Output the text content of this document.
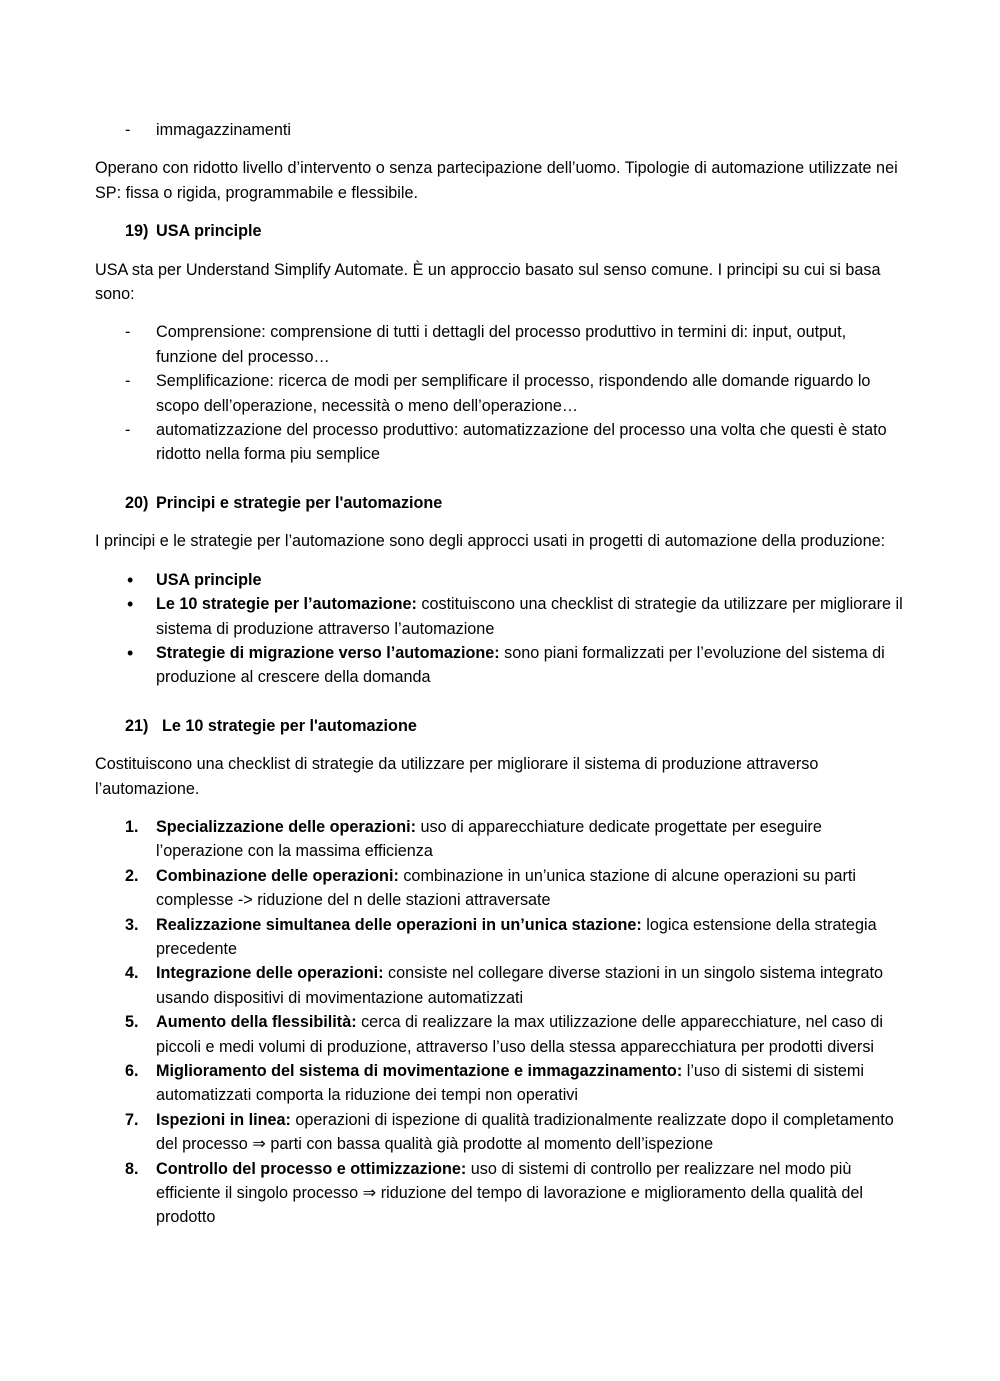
- immagazzinamenti

Operano con ridotto livello d’intervento o senza partecipazione dell’uomo. Tipologie di automazione utilizzate nei SP: fissa o rigida, programmabile e flessibile.

19) USA principle

USA sta per Understand Simplify Automate. È un approccio basato sul senso comune. I principi su cui si basa sono:

- Comprensione: comprensione di tutti i dettagli del processo produttivo in termini di: input, output, funzione del processo…
- Semplificazione: ricerca de modi per semplificare il processo, rispondendo alle domande riguardo lo scopo dell’operazione, necessità o meno dell’operazione…
- automatizzazione del processo produttivo: automatizzazione del processo una volta che questi è stato ridotto nella forma piu semplice

20) Principi e strategie per l'automazione

I principi e le strategie per l’automazione sono degli approcci usati in progetti di automazione della produzione:

• USA principle
• Le 10 strategie per l’automazione: costituiscono una checklist di strategie da utilizzare per migliorare il sistema di produzione attraverso l’automazione
• Strategie di migrazione verso l’automazione: sono piani formalizzati per l’evoluzione del sistema di produzione al crescere della domanda

21) Le 10 strategie per l'automazione

Costituiscono una checklist di strategie da utilizzare per migliorare il sistema di produzione attraverso l’automazione.

1. Specializzazione delle operazioni: uso di apparecchiature dedicate progettate per eseguire l’operazione con la massima efficienza
2. Combinazione delle operazioni: combinazione in un’unica stazione di alcune operazioni su parti complesse -> riduzione del n delle stazioni attraversate
3. Realizzazione simultanea delle operazioni in un’unica stazione: logica estensione della strategia precedente
4. Integrazione delle operazioni: consiste nel collegare diverse stazioni in un singolo sistema integrato usando dispositivi di movimentazione automatizzati
5. Aumento della flessibilità: cerca di realizzare la max utilizzazione delle apparecchiature, nel caso di piccoli e medi volumi di produzione, attraverso l’uso della stessa apparecchiatura per prodotti diversi
6. Miglioramento del sistema di movimentazione e immagazzinamento: l’uso di sistemi di sistemi automatizzati comporta la riduzione dei tempi non operativi
7. Ispezioni in linea: operazioni di ispezione di qualità tradizionalmente realizzate dopo il completamento del processo ⇒ parti con bassa qualità già prodotte al momento dell’ispezione
8. Controllo del processo e ottimizzazione: uso di sistemi di controllo per realizzare nel modo più efficiente il singolo processo ⇒ riduzione del tempo di lavorazione e miglioramento della qualità del prodotto
